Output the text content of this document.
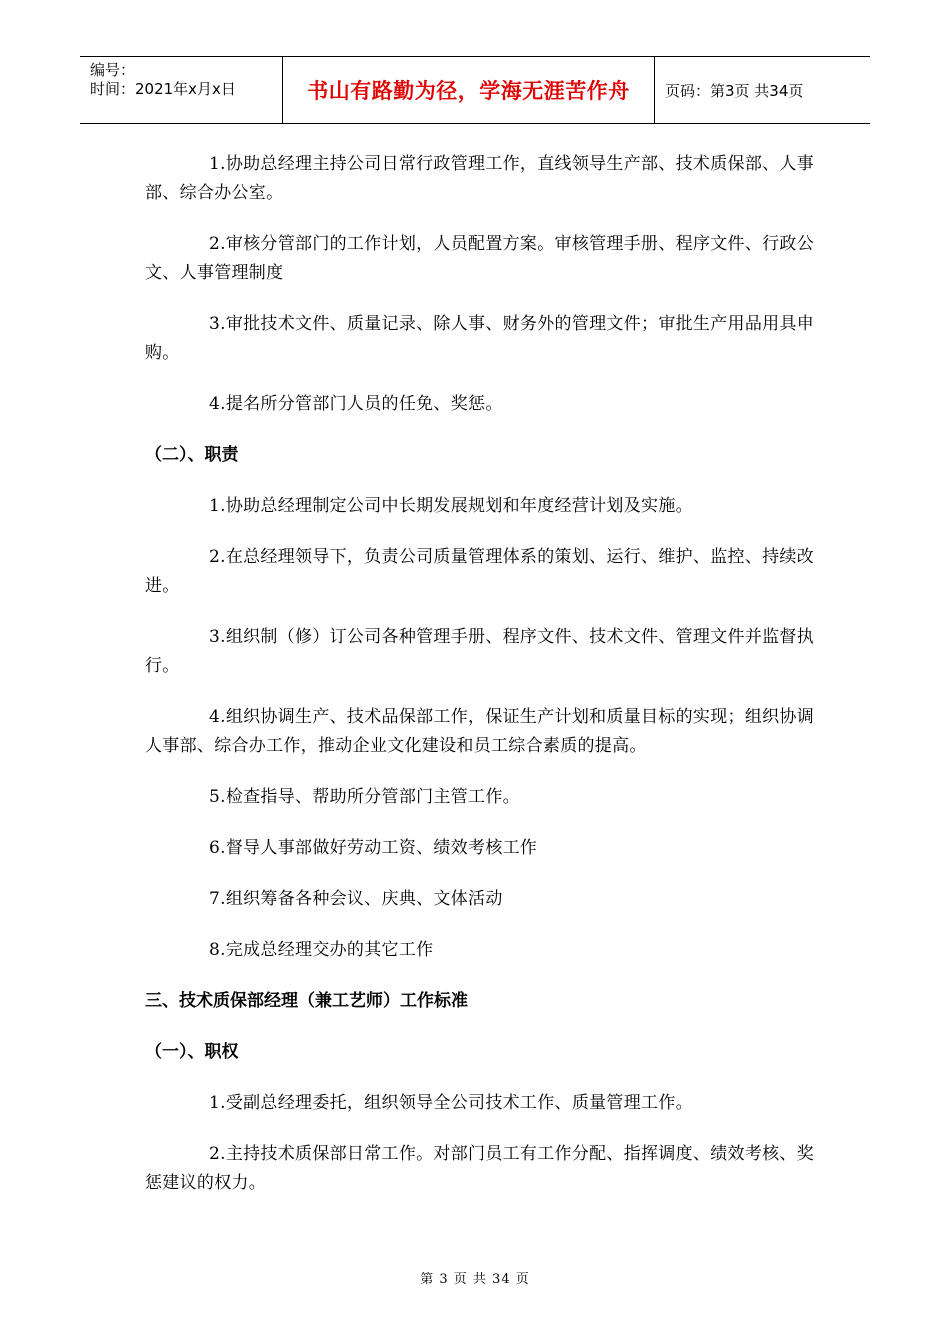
编号：
时间：2021年x月x日	书山有路勤为径，学海无涯苦作舟 页码：第3页 共34页

1.协助总经理主持公司日常行政管理工作，直线领导生产部、技术质保部、人事部、综合办公室。

2.审核分管部门的工作计划，人员配置方案。审核管理手册、程序文件、行政公文、人事管理制度

3.审批技术文件、质量记录、除人事、财务外的管理文件；审批生产用品用具申购。

4.提名所分管部门人员的任免、奖惩。

（二）、职责

1.协助总经理制定公司中长期发展规划和年度经营计划及实施。

2.在总经理领导下，负责公司质量管理体系的策划、运行、维护、监控、持续改进。

3.组织制（修）订公司各种管理手册、程序文件、技术文件、管理文件并监督执行。

4.组织协调生产、技术品保部工作，保证生产计划和质量目标的实现；组织协调人事部、综合办工作，推动企业文化建设和员工综合素质的提高。

5.检查指导、帮助所分管部门主管工作。

6.督导人事部做好劳动工资、绩效考核工作

7.组织筹备各种会议、庆典、文体活动

8.完成总经理交办的其它工作

三、技术质保部经理（兼工艺师）工作标准
（一）、职权

1.受副总经理委托，组织领导全公司技术工作、质量管理工作。

2.主持技术质保部日常工作。对部门员工有工作分配、指挥调度、绩效考核、奖惩建议的权力。

第 3 页 共 34 页
